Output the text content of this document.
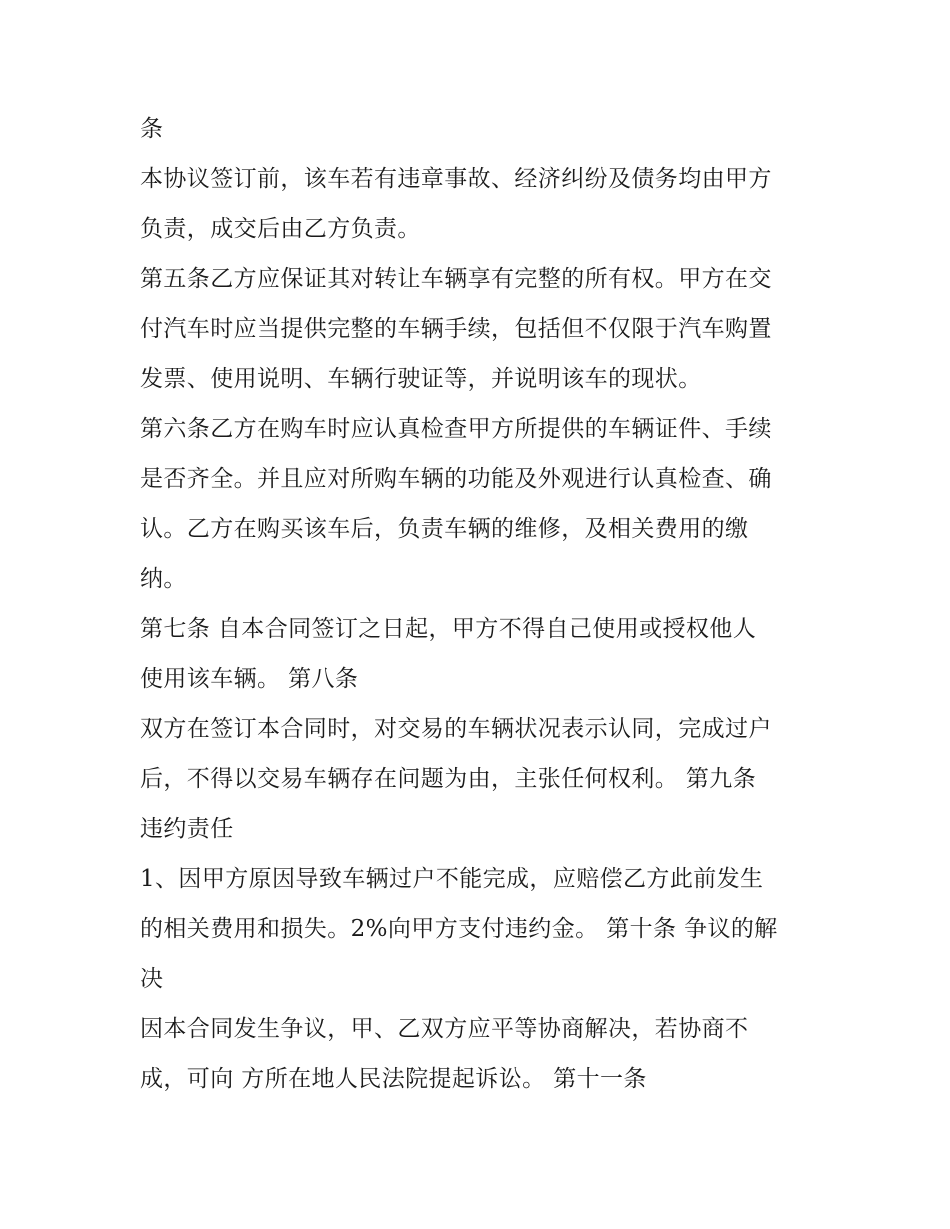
条
本协议签订前，该车若有违章事故、经济纠纷及债务均由甲方
负责，成交后由乙方负责。
第五条乙方应保证其对转让车辆享有完整的所有权。甲方在交
付汽车时应当提供完整的车辆手续，包括但不仅限于汽车购置
发票、使用说明、车辆行驶证等，并说明该车的现状。
第六条乙方在购车时应认真检查甲方所提供的车辆证件、手续
是否齐全。并且应对所购车辆的功能及外观进行认真检查、确
认。乙方在购买该车后，负责车辆的维修，及相关费用的缴
纳。
第七条 自本合同签订之日起，甲方不得自己使用或授权他人
使用该车辆。 第八条
双方在签订本合同时，对交易的车辆状况表示认同，完成过户
后，不得以交易车辆存在问题为由，主张任何权利。 第九条
违约责任
1、因甲方原因导致车辆过户不能完成，应赔偿乙方此前发生
的相关费用和损失。2%向甲方支付违约金。 第十条 争议的解
决
因本合同发生争议，甲、乙双方应平等协商解决，若协商不
成，可向 方所在地人民法院提起诉讼。 第十一条
